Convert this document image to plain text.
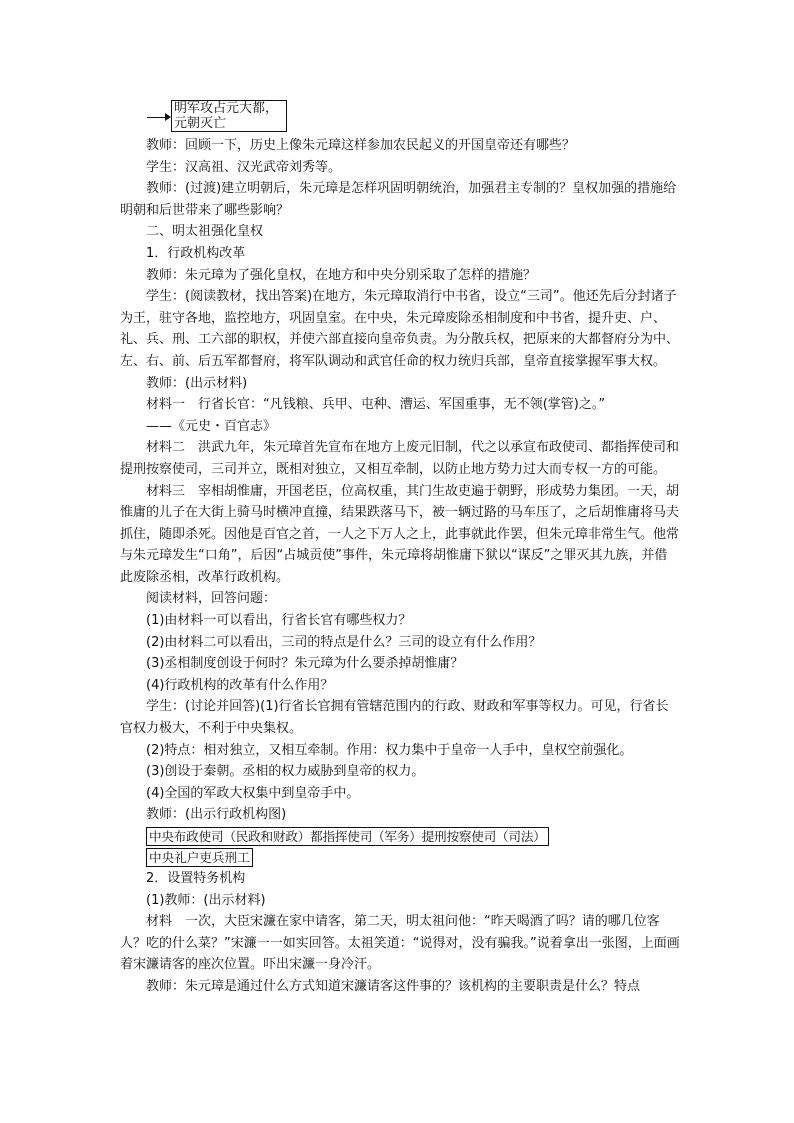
明军攻占元大都，
元朝灭亡

教师：回顾一下，历史上像朱元璋这样参加农民起义的开国皇帝还有哪些？

学生：汉高祖、汉光武帝刘秀等。

教师：(过渡)建立明朝后，朱元璋是怎样巩固明朝统治，加强君主专制的？皇权加强的措施给明朝和后世带来了哪些影响？

二、明太祖强化皇权

1．行政机构改革

教师：朱元璋为了强化皇权，在地方和中央分别采取了怎样的措施？

学生：(阅读教材，找出答案)在地方，朱元璋取消行中书省，设立“三司”。他还先后分封诸子为王，驻守各地，监控地方，巩固皇室。在中央，朱元璋废除丞相制度和中书省，提升吏、户、礼、兵、刑、工六部的职权，并使六部直接向皇帝负责。为分散兵权，把原来的大都督府分为中、左、右、前、后五军都督府，将军队调动和武官任命的权力统归兵部，皇帝直接掌握军事大权。

教师：(出示材料)

材料一　行省长官：“凡钱粮、兵甲、屯种、漕运、军国重事，无不领(掌管)之。”

——《元史・百官志》

材料二　洪武九年，朱元璋首先宣布在地方上废元旧制，代之以承宣布政使司、都指挥使司和提刑按察使司，三司并立，既相对独立，又相互牵制，以防止地方势力过大而专权一方的可能。

材料三　宰相胡惟庸，开国老臣，位高权重，其门生故吏遍于朝野，形成势力集团。一天，胡惟庸的儿子在大街上骑马时横冲直撞，结果跌落马下，被一辆过路的马车压了，之后胡惟庸将马夫抓住，随即杀死。因他是百官之首，一人之下万人之上，此事就此作罢，但朱元璋非常生气。他常与朱元璋发生“口角”，后因“占城贡使”事件，朱元璋将胡惟庸下狱以“谋反”之罪灭其九族，并借此废除丞相，改革行政机构。

阅读材料，回答问题：

(1)由材料一可以看出，行省长官有哪些权力？

(2)由材料二可以看出，三司的特点是什么？三司的设立有什么作用？

(3)丞相制度创设于何时？朱元璋为什么要杀掉胡惟庸？

(4)行政机构的改革有什么作用？

学生：(讨论并回答)(1)行省长官拥有管辖范围内的行政、财政和军事等权力。可见，行省长官权力极大，不利于中央集权。

(2)特点：相对独立，又相互牵制。作用：权力集中于皇帝一人手中，皇权空前强化。

(3)创设于秦朝。丞相的权力威胁到皇帝的权力。

(4)全国的军政大权集中到皇帝手中。

教师：(出示行政机构图)

中央布政使司（民政和财政）都指挥使司（军务）提刑按察使司（司法）
中央礼户吏兵刑工

2．设置特务机构

(1)教师：(出示材料)

材料　一次，大臣宋濂在家中请客，第二天，明太祖问他：“昨天喝酒了吗？请的哪几位客人？吃的什么菜？”宋濂一一如实回答。太祖笑道：“说得对，没有骗我。”说着拿出一张图，上面画着宋濂请客的座次位置。吓出宋濂一身冷汗。

教师：朱元璋是通过什么方式知道宋濂请客这件事的？该机构的主要职责是什么？特点
